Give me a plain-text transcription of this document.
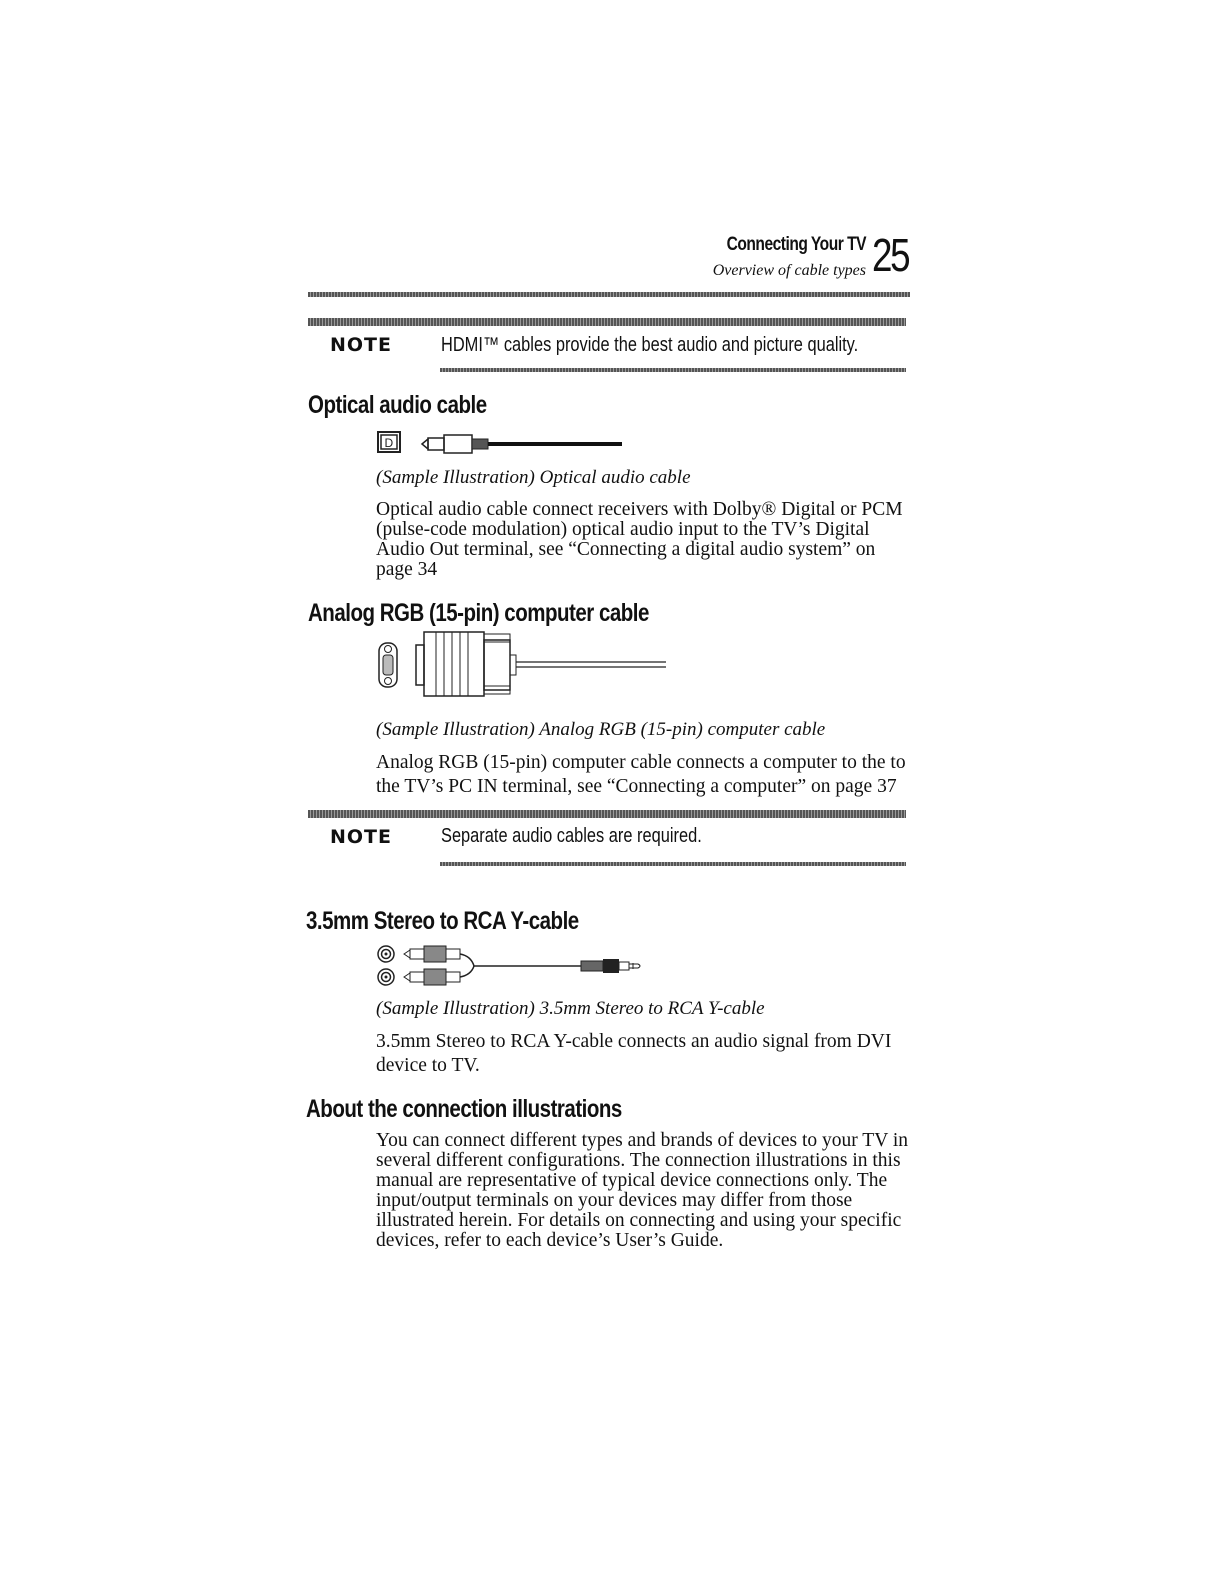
Connecting Your TV
Overview of cable types 25
NOTE HDMI™ cables provide the best audio and picture quality.
Optical audio cable
D
(Sample Illustration) Optical audio cable
Optical audio cable connect receivers with Dolby® Digital or PCM
(pulse-code modulation) optical audio input to the TV’s Digital
Audio Out terminal, see “Connecting a digital audio system” on
page 34
Analog RGB (15-pin) computer cable
(Sample Illustration) Analog RGB (15-pin) computer cable
Analog RGB (15-pin) computer cable connects a computer to the to
the TV’s PC IN terminal, see “Connecting a computer” on page 37
NOTE Separate audio cables are required.
3.5mm Stereo to RCA Y-cable
(Sample Illustration) 3.5mm Stereo to RCA Y-cable
3.5mm Stereo to RCA Y-cable connects an audio signal from DVI
device to TV.
About the connection illustrations
You can connect different types and brands of devices to your TV in
several different configurations. The connection illustrations in this
manual are representative of typical device connections only. The
input/output terminals on your devices may differ from those
illustrated herein. For details on connecting and using your specific
devices, refer to each device’s User’s Guide.
